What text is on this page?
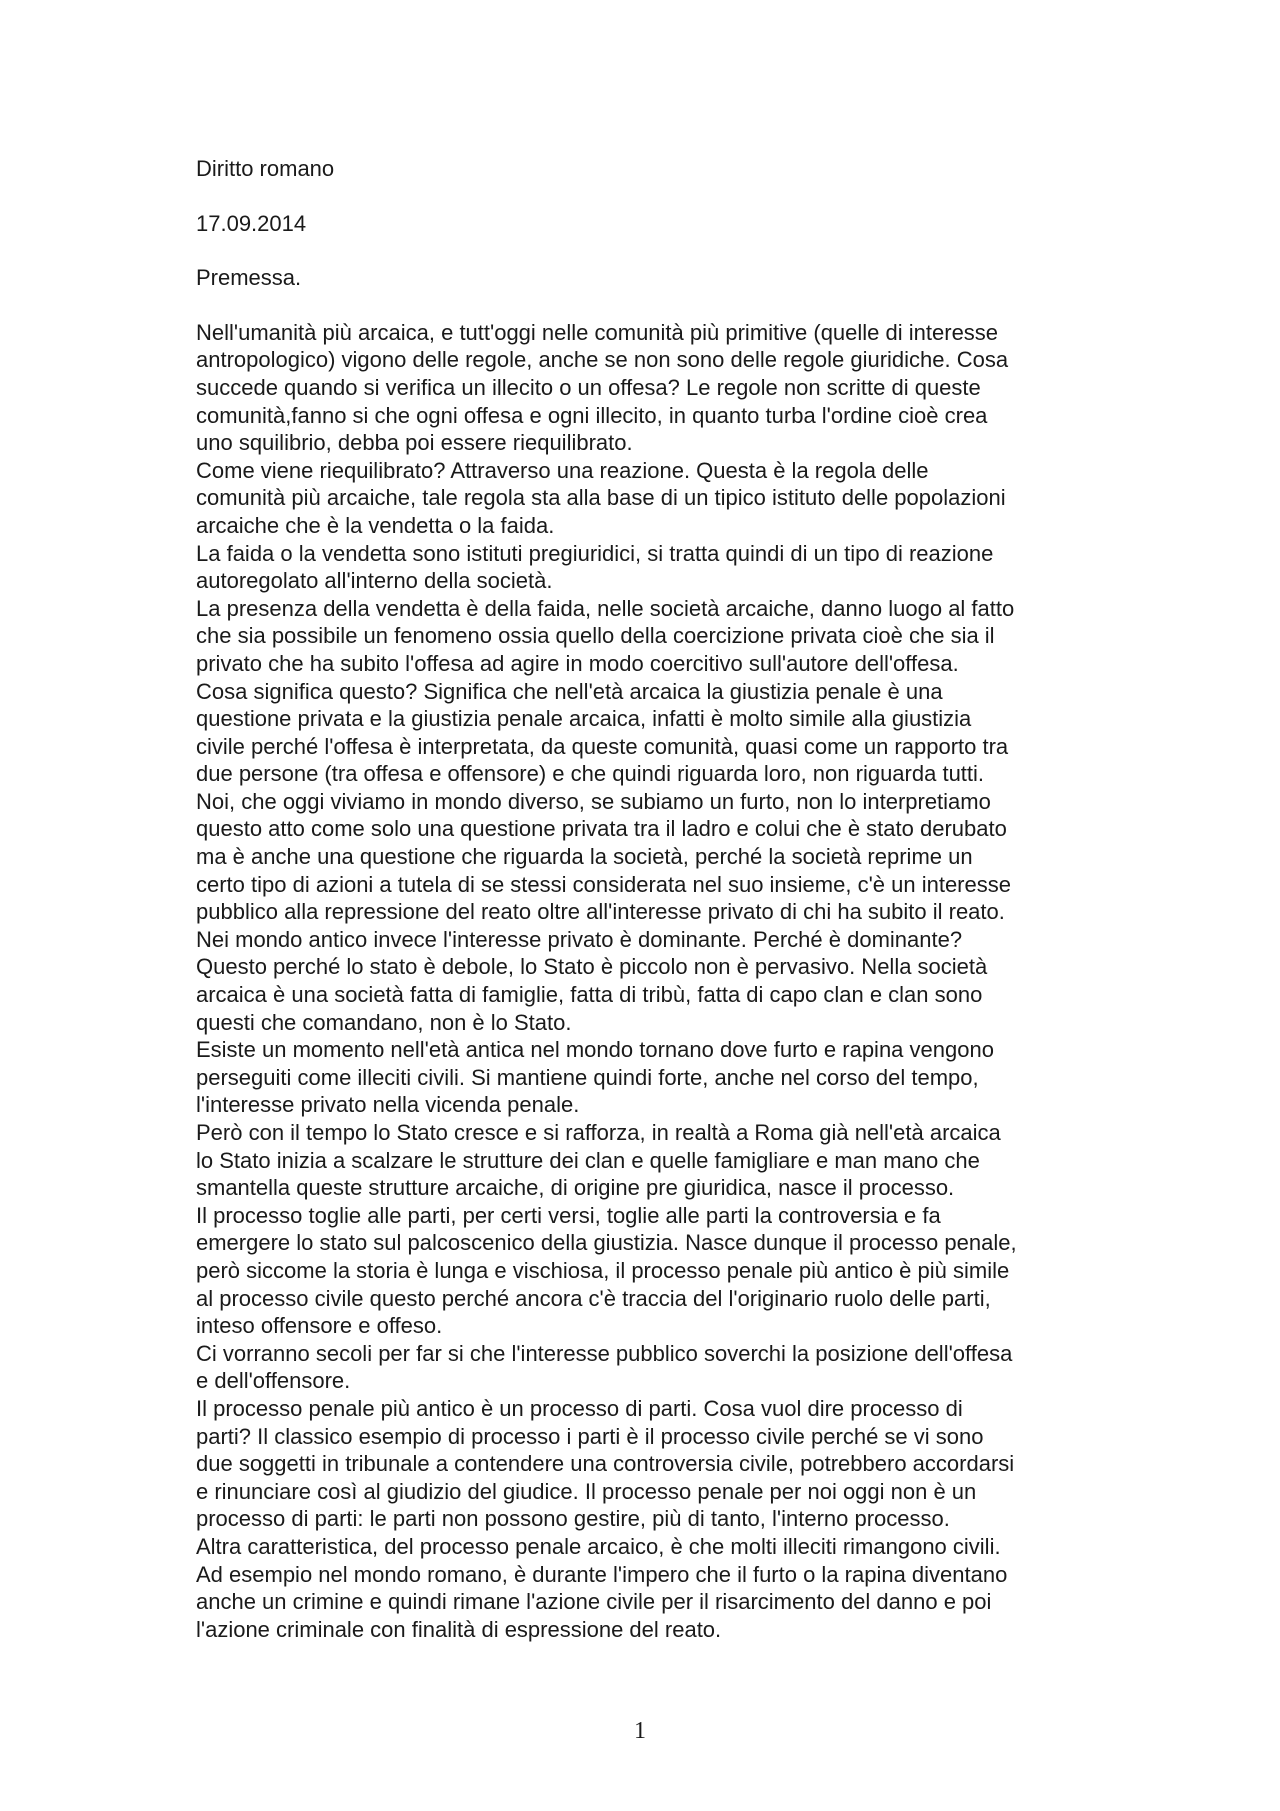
Diritto romano
17.09.2014
Premessa.
Nell'umanità più arcaica, e tutt'oggi nelle comunità più primitive (quelle di interesse
antropologico) vigono delle regole, anche se non sono delle regole giuridiche. Cosa
succede quando si verifica un illecito o un offesa? Le regole non scritte di queste
comunità,fanno si che ogni offesa e ogni illecito, in quanto turba l'ordine cioè crea
uno squilibrio, debba poi essere riequilibrato.
Come viene riequilibrato? Attraverso una reazione. Questa è la regola delle
comunità più arcaiche, tale regola sta alla base di un tipico istituto delle popolazioni
arcaiche che è la vendetta o la faida.
La faida o la vendetta sono istituti pregiuridici, si tratta quindi di un tipo di reazione
autoregolato all'interno della società.
La presenza della vendetta è della faida, nelle società arcaiche, danno luogo al fatto
che sia possibile un fenomeno ossia quello della coercizione privata cioè che sia il
privato che ha subito l'offesa ad agire in modo coercitivo sull'autore dell'offesa.
Cosa significa questo? Significa che nell'età arcaica la giustizia penale è una
questione privata e la giustizia penale arcaica, infatti è molto simile alla giustizia
civile perché l'offesa è interpretata, da queste comunità, quasi come un rapporto tra
due persone (tra offesa e offensore) e che quindi riguarda loro, non riguarda tutti.
Noi, che oggi viviamo in mondo diverso, se subiamo un furto, non lo interpretiamo
questo atto come solo una questione privata tra il ladro e colui che è stato derubato
ma è anche una questione che riguarda la società, perché la società reprime un
certo tipo di azioni a tutela di se stessi considerata nel suo insieme, c'è un interesse
pubblico alla repressione del reato oltre all'interesse privato di chi ha subito il reato.
Nei mondo antico invece l'interesse privato è dominante. Perché è dominante?
Questo perché lo stato è debole, lo Stato è piccolo non è pervasivo. Nella società
arcaica è una società fatta di famiglie, fatta di tribù, fatta di capo clan e clan sono
questi che comandano, non è lo Stato.
Esiste un momento nell'età antica nel mondo tornano dove furto e rapina vengono
perseguiti come illeciti civili. Si mantiene quindi forte, anche nel corso del tempo,
l'interesse privato nella vicenda penale.
Però con il tempo lo Stato cresce e si rafforza, in realtà a Roma già nell'età arcaica
lo Stato inizia a scalzare le strutture dei clan e quelle famigliare e man mano che
smantella queste strutture arcaiche, di origine pre giuridica, nasce il processo.
Il processo toglie alle parti, per certi versi, toglie alle parti la controversia e fa
emergere lo stato sul palcoscenico della giustizia. Nasce dunque il processo penale,
però siccome la storia è lunga e vischiosa, il processo penale più antico è più simile
al processo civile questo perché ancora c'è traccia del l'originario ruolo delle parti,
inteso offensore e offeso.
Ci vorranno secoli per far si che l'interesse pubblico soverchi la posizione dell'offesa
e dell'offensore.
Il processo penale più antico è un processo di parti. Cosa vuol dire processo di
parti? Il classico esempio di processo i parti è il processo civile perché se vi sono
due soggetti in tribunale a contendere una controversia civile, potrebbero accordarsi
e rinunciare così al giudizio del giudice. Il processo penale per noi oggi non è un
processo di parti: le parti non possono gestire, più di tanto, l'interno processo.
Altra caratteristica, del processo penale arcaico, è che molti illeciti rimangono civili.
Ad esempio nel mondo romano, è durante l'impero che il furto o la rapina diventano
anche un crimine e quindi rimane l'azione civile per il risarcimento del danno e poi
l'azione criminale con finalità di espressione del reato.
1
